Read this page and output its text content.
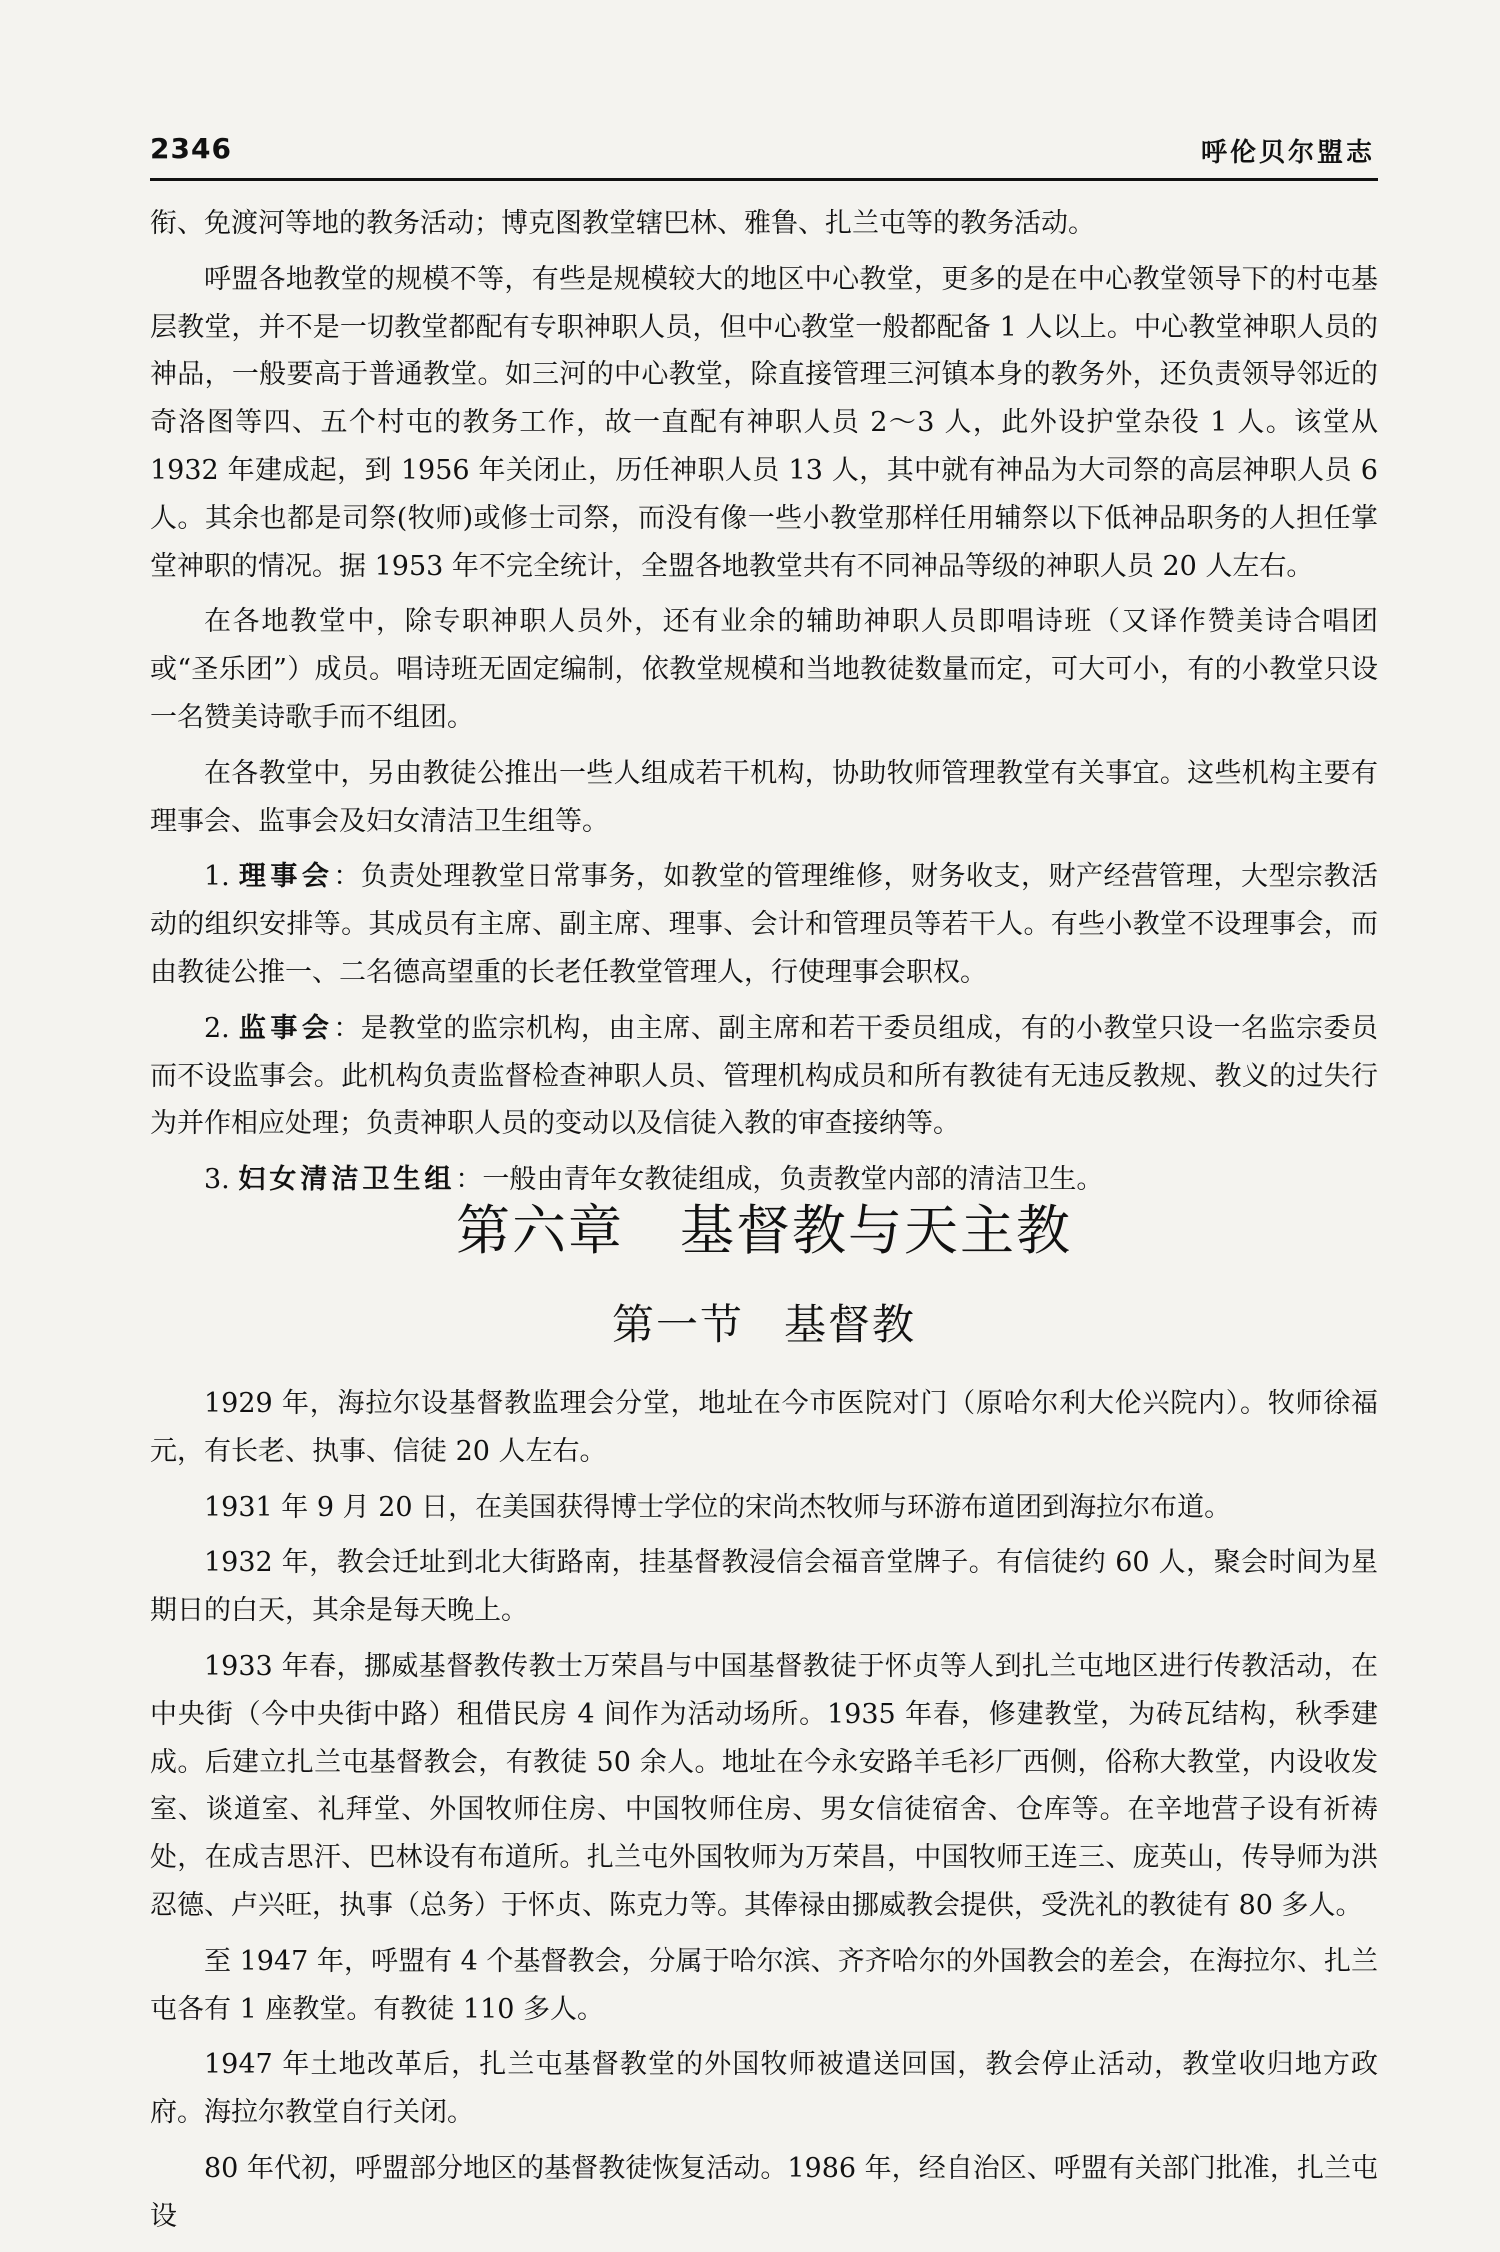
2346	呼伦贝尔盟志

衔、免渡河等地的教务活动；博克图教堂辖巴林、雅鲁、扎兰屯等的教务活动。

呼盟各地教堂的规模不等，有些是规模较大的地区中心教堂，更多的是在中心教堂领导下的村屯基层教堂，并不是一切教堂都配有专职神职人员，但中心教堂一般都配备 1 人以上。中心教堂神职人员的神品，一般要高于普通教堂。如三河的中心教堂，除直接管理三河镇本身的教务外，还负责领导邻近的奇洛图等四、五个村屯的教务工作，故一直配有神职人员 2～3 人，此外设护堂杂役 1 人。该堂从 1932 年建成起，到 1956 年关闭止，历任神职人员 13 人，其中就有神品为大司祭的高层神职人员 6 人。其余也都是司祭(牧师)或修士司祭，而没有像一些小教堂那样任用辅祭以下低神品职务的人担任掌堂神职的情况。据 1953 年不完全统计，全盟各地教堂共有不同神品等级的神职人员 20 人左右。

在各地教堂中，除专职神职人员外，还有业余的辅助神职人员即唱诗班（又译作赞美诗合唱团或“圣乐团”）成员。唱诗班无固定编制，依教堂规模和当地教徒数量而定，可大可小，有的小教堂只设一名赞美诗歌手而不组团。

在各教堂中，另由教徒公推出一些人组成若干机构，协助牧师管理教堂有关事宜。这些机构主要有理事会、监事会及妇女清洁卫生组等。

1. 理事会：负责处理教堂日常事务，如教堂的管理维修，财务收支，财产经营管理，大型宗教活动的组织安排等。其成员有主席、副主席、理事、会计和管理员等若干人。有些小教堂不设理事会，而由教徒公推一、二名德高望重的长老任教堂管理人，行使理事会职权。

2. 监事会：是教堂的监宗机构，由主席、副主席和若干委员组成，有的小教堂只设一名监宗委员而不设监事会。此机构负责监督检查神职人员、管理机构成员和所有教徒有无违反教规、教义的过失行为并作相应处理；负责神职人员的变动以及信徒入教的审查接纳等。

3. 妇女清洁卫生组：一般由青年女教徒组成，负责教堂内部的清洁卫生。

第六章 基督教与天主教
第一节 基督教

1929 年，海拉尔设基督教监理会分堂，地址在今市医院对门（原哈尔利大伦兴院内）。牧师徐福元，有长老、执事、信徒 20 人左右。

1931 年 9 月 20 日，在美国获得博士学位的宋尚杰牧师与环游布道团到海拉尔布道。

1932 年，教会迁址到北大街路南，挂基督教浸信会福音堂牌子。有信徒约 60 人，聚会时间为星期日的白天，其余是每天晚上。

1933 年春，挪威基督教传教士万荣昌与中国基督教徒于怀贞等人到扎兰屯地区进行传教活动，在中央街（今中央街中路）租借民房 4 间作为活动场所。1935 年春，修建教堂，为砖瓦结构，秋季建成。后建立扎兰屯基督教会，有教徒 50 余人。地址在今永安路羊毛衫厂西侧，俗称大教堂，内设收发室、谈道室、礼拜堂、外国牧师住房、中国牧师住房、男女信徒宿舍、仓库等。在辛地营子设有祈祷处，在成吉思汗、巴林设有布道所。扎兰屯外国牧师为万荣昌，中国牧师王连三、庞英山，传导师为洪忍德、卢兴旺，执事（总务）于怀贞、陈克力等。其俸禄由挪威教会提供，受洗礼的教徒有 80 多人。

至 1947 年，呼盟有 4 个基督教会，分属于哈尔滨、齐齐哈尔的外国教会的差会，在海拉尔、扎兰屯各有 1 座教堂。有教徒 110 多人。

1947 年土地改革后，扎兰屯基督教堂的外国牧师被遣送回国，教会停止活动，教堂收归地方政府。海拉尔教堂自行关闭。

80 年代初，呼盟部分地区的基督教徒恢复活动。1986 年，经自治区、呼盟有关部门批准，扎兰屯设
